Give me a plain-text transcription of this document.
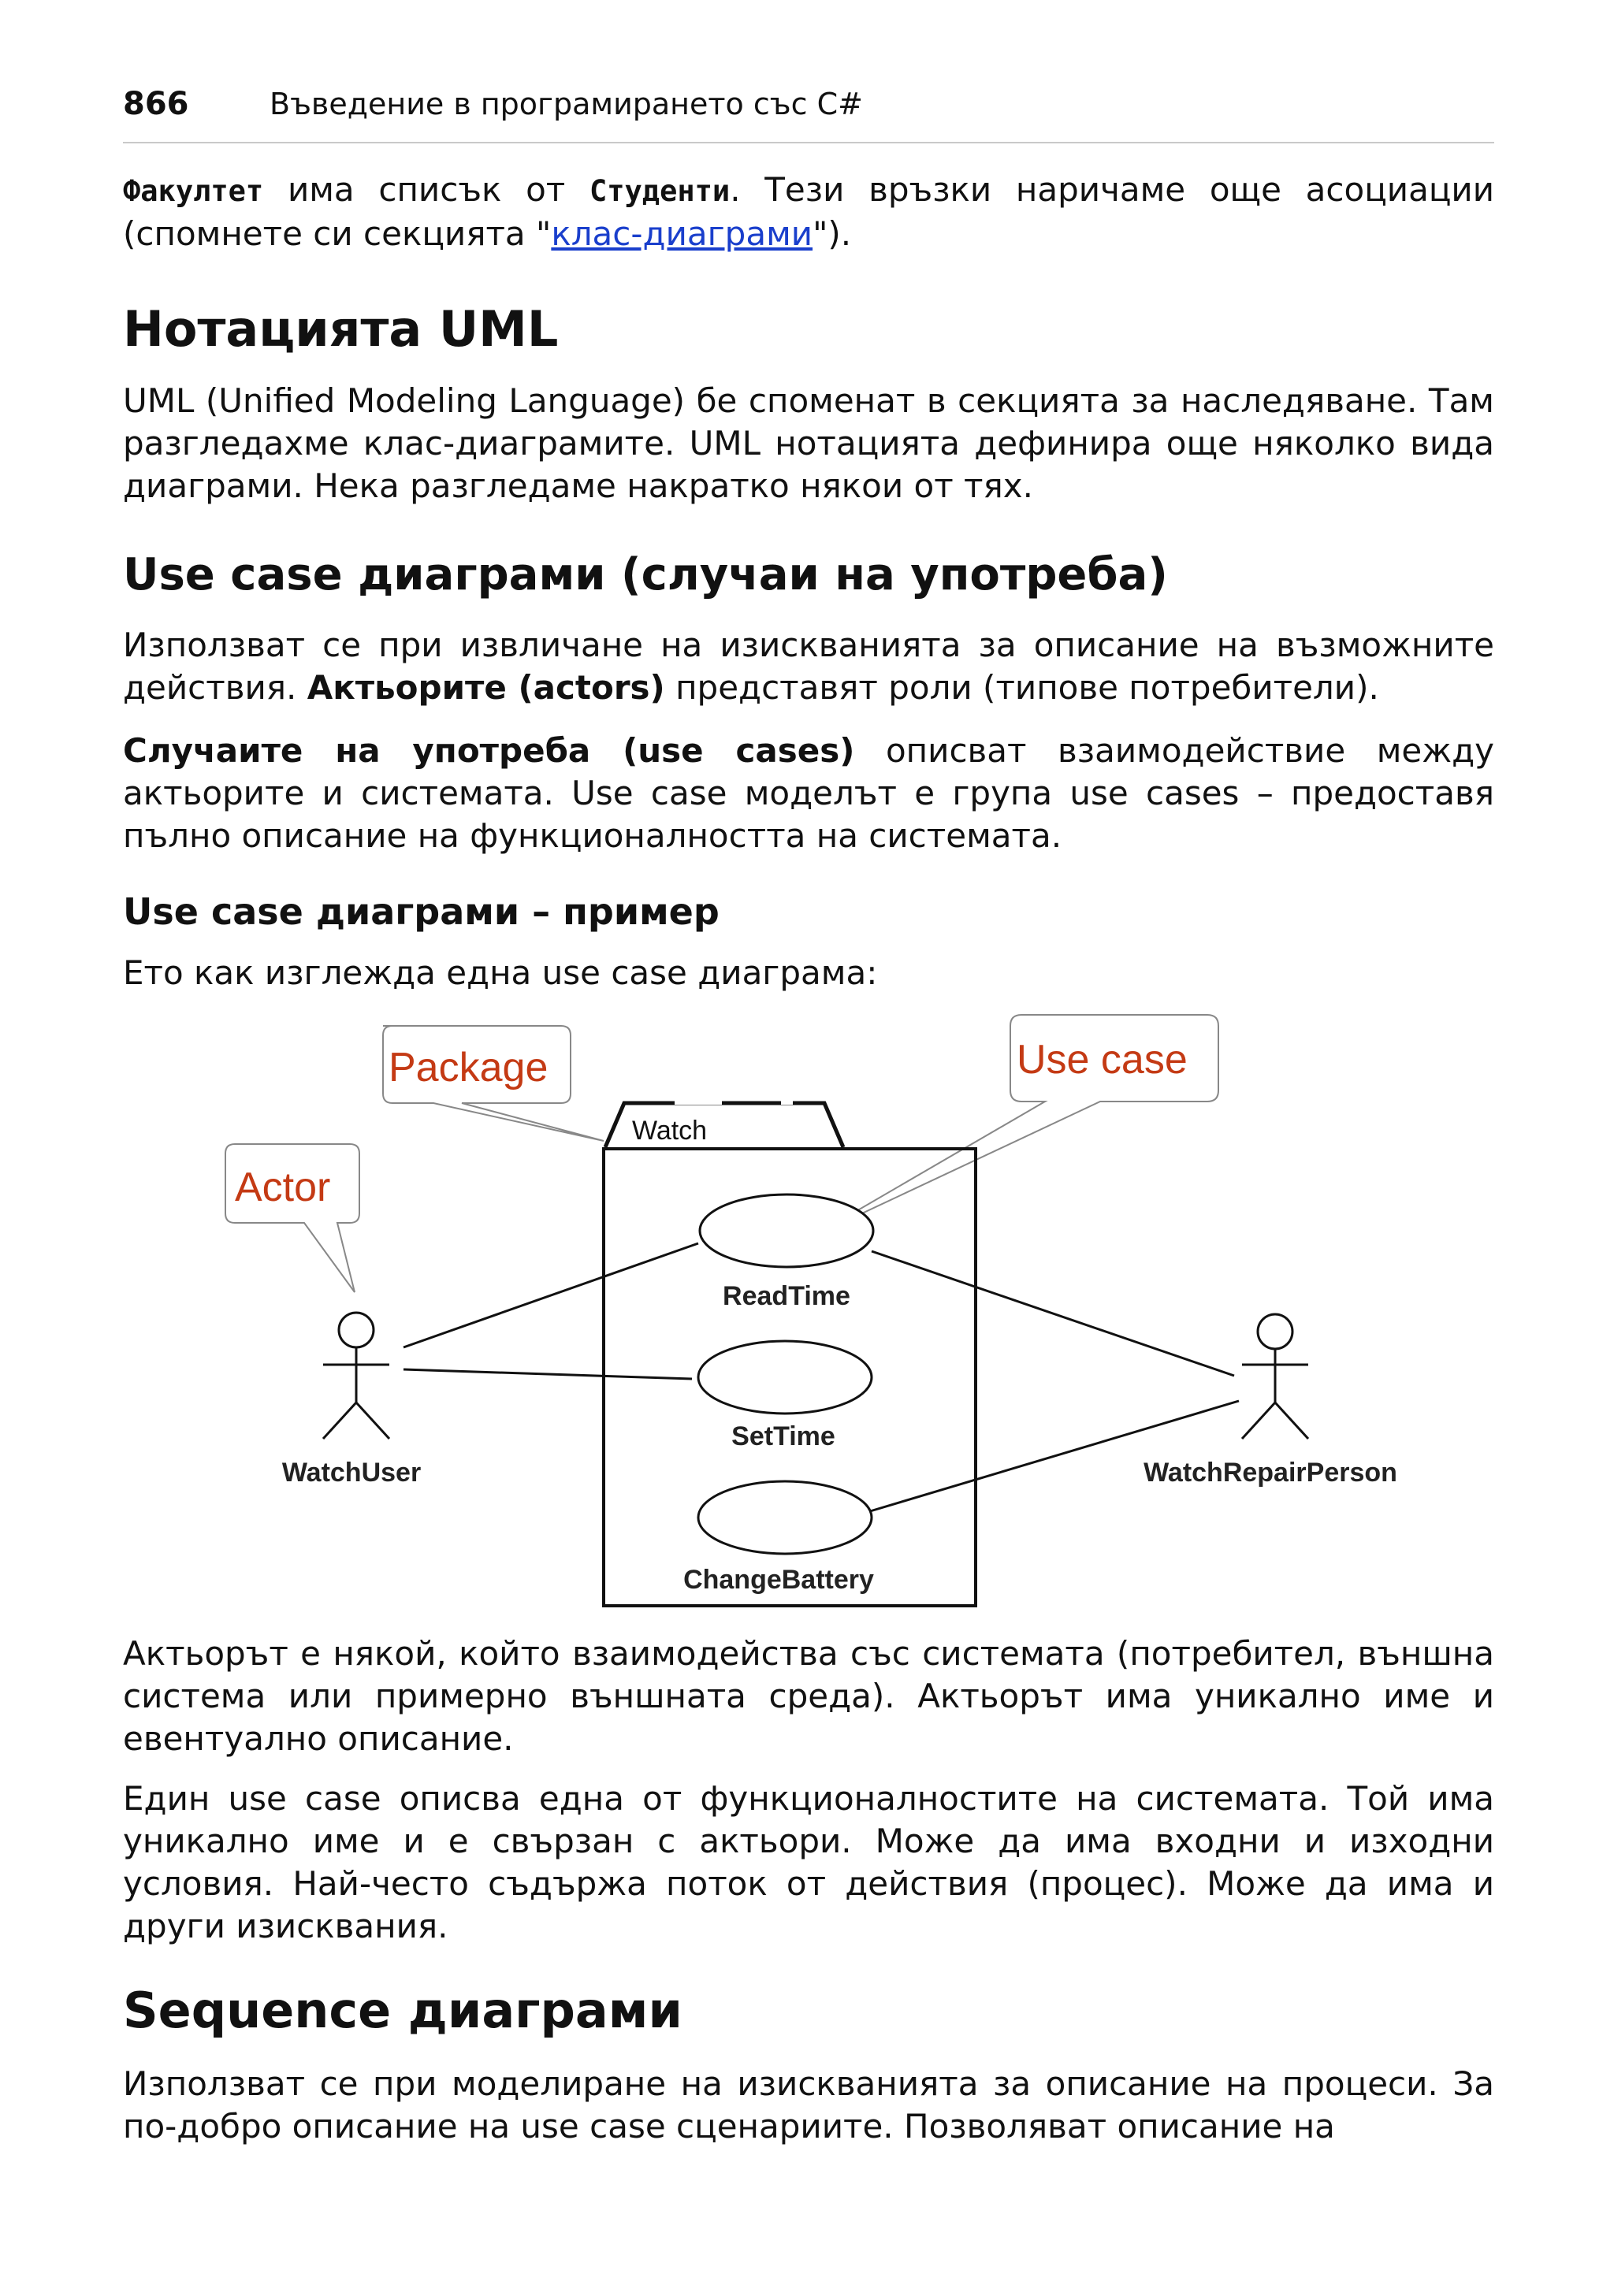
866	Въведение в програмирането със C#

Факултет има списък от Студенти. Тези връзки наричаме още асоциации (спомнете си секцията "клас-диаграми").

Нотацията UML

UML (Unified Modeling Language) бе споменат в секцията за наследяване. Там разгледахме клас-диаграмите. UML нотацията дефинира още няколко вида диаграми. Нека разгледаме накратко някои от тях.

Use case диаграми (случаи на употреба)

Използват се при извличане на изискванията за описание на възможните действия. Актьорите (actors) представят роли (типове потребители).

Случаите на употреба (use cases) описват взаимодействие между актьорите и системата. Use case моделът е група use cases – предоставя пълно описание на функционалността на системата.

Use case диаграми – пример

Ето как изглежда една use case диаграма:

Package	Use case
Actor
Watch
ReadTime
SetTime
ChangeBattery
WatchUser	WatchRepairPerson

Актьорът е някой, който взаимодейства със системата (потребител, външна система или примерно външната среда). Актьорът има уникално име и евентуално описание.

Един use case описва една от функционалностите на системата. Той има уникално име и е свързан с актьори. Може да има входни и изходни условия. Най-често съдържа поток от действия (процес). Може да има и други изисквания.

Sequence диаграми

Използват се при моделиране на изискванията за описание на процеси. За по-добро описание на use case сценариите. Позволяват описание на
